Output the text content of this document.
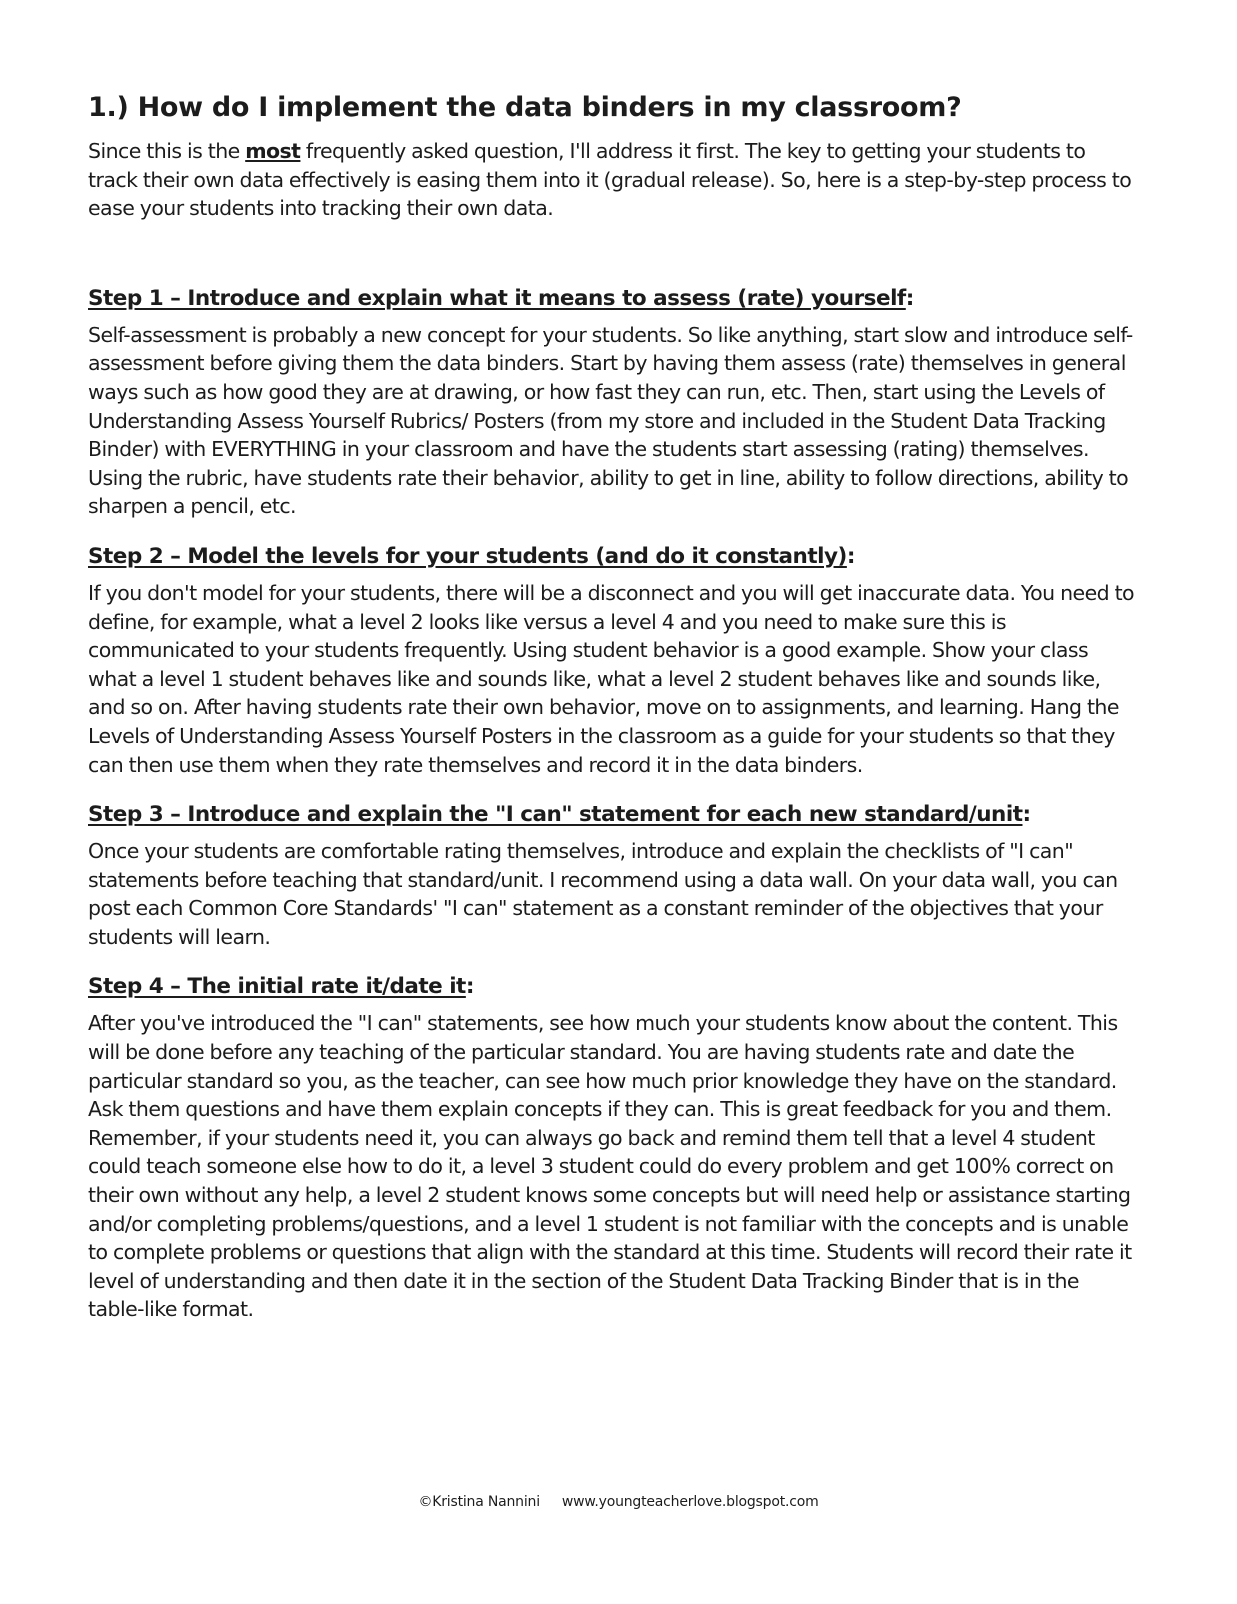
1.) How do I implement the data binders in my classroom?

Since this is the most frequently asked question, I'll address it first. The key to getting your students to track their own data effectively is easing them into it (gradual release). So, here is a step-by-step process to ease your students into tracking their own data.

Step 1 – Introduce and explain what it means to assess (rate) yourself:

Self-assessment is probably a new concept for your students. So like anything, start slow and introduce self-assessment before giving them the data binders. Start by having them assess (rate) themselves in general ways such as how good they are at drawing, or how fast they can run, etc. Then, start using the Levels of Understanding Assess Yourself Rubrics/ Posters (from my store and included in the Student Data Tracking Binder) with EVERYTHING in your classroom and have the students start assessing (rating) themselves. Using the rubric, have students rate their behavior, ability to get in line, ability to follow directions, ability to sharpen a pencil, etc.

Step 2 – Model the levels for your students (and do it constantly):

If you don't model for your students, there will be a disconnect and you will get inaccurate data. You need to define, for example, what a level 2 looks like versus a level 4 and you need to make sure this is communicated to your students frequently. Using student behavior is a good example. Show your class what a level 1 student behaves like and sounds like, what a level 2 student behaves like and sounds like, and so on. After having students rate their own behavior, move on to assignments, and learning. Hang the Levels of Understanding Assess Yourself Posters in the classroom as a guide for your students so that they can then use them when they rate themselves and record it in the data binders.

Step 3 – Introduce and explain the "I can" statement for each new standard/unit:

Once your students are comfortable rating themselves, introduce and explain the checklists of "I can" statements before teaching that standard/unit. I recommend using a data wall. On your data wall, you can post each Common Core Standards' "I can" statement as a constant reminder of the objectives that your students will learn.

Step 4 – The initial rate it/date it:

After you've introduced the "I can" statements, see how much your students know about the content. This will be done before any teaching of the particular standard. You are having students rate and date the particular standard so you, as the teacher, can see how much prior knowledge they have on the standard. Ask them questions and have them explain concepts if they can. This is great feedback for you and them. Remember, if your students need it, you can always go back and remind them tell that a level 4 student could teach someone else how to do it, a level 3 student could do every problem and get 100% correct on their own without any help, a level 2 student knows some concepts but will need help or assistance starting and/or completing problems/questions, and a level 1 student is not familiar with the concepts and is unable to complete problems or questions that align with the standard at this time. Students will record their rate it level of understanding and then date it in the section of the Student Data Tracking Binder that is in the table-like format.

©Kristina Nannini www.youngteacherlove.blogspot.com
